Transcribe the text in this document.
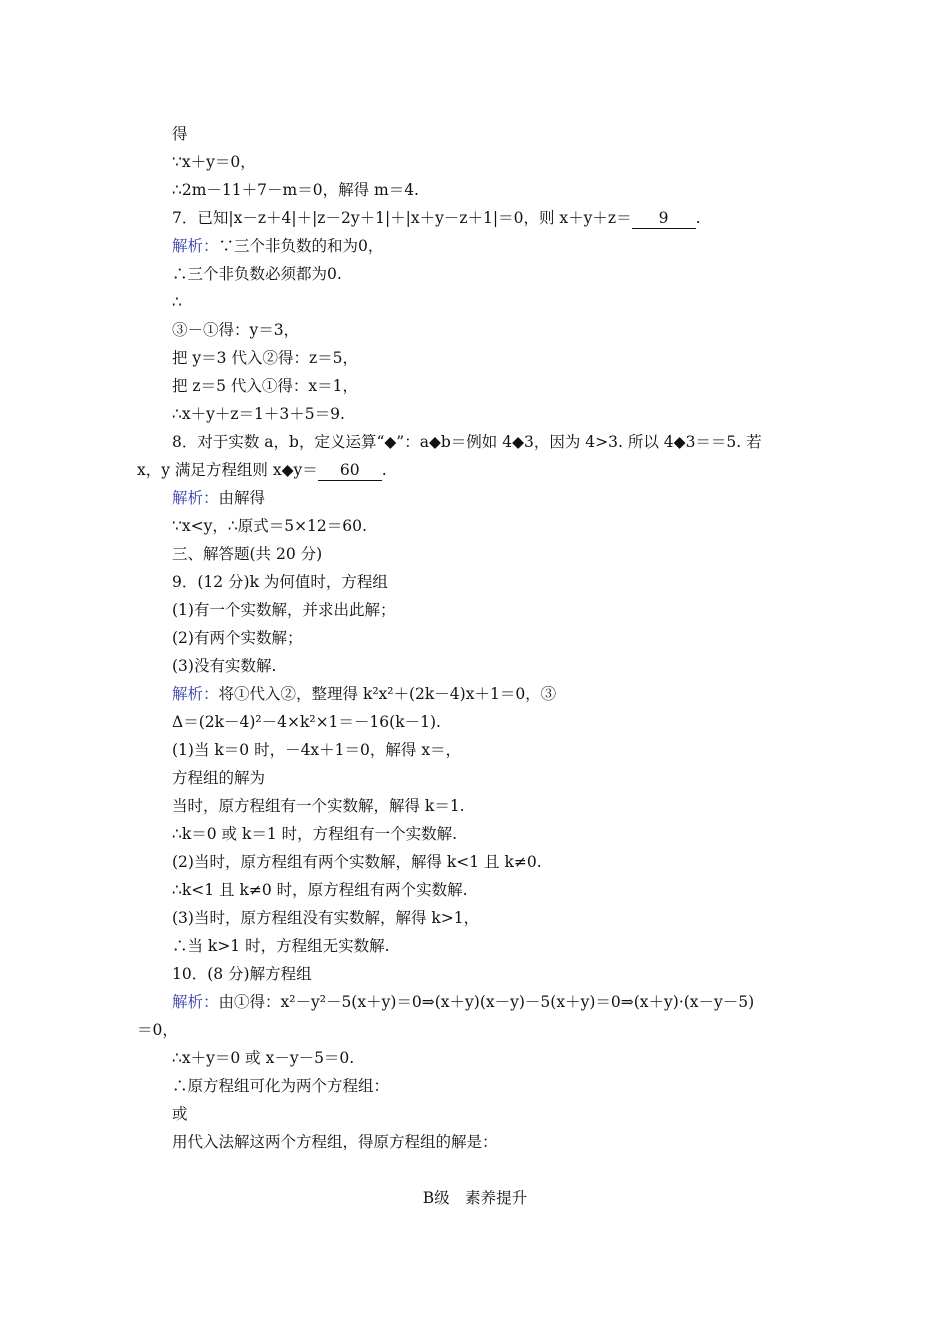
得
∵x＋y＝0，
∴2m－11＋7－m＝0，解得 m＝4.
7．已知|x－z＋4|＋|z－2y＋1|＋|x＋y－z＋1|＝0，则 x＋y＋z＝ 9 .
解析：∵三个非负数的和为0，
∴三个非负数必须都为0.
∴
③－①得：y＝3，
把 y＝3 代入②得：z＝5，
把 z＝5 代入①得：x＝1，
∴x＋y＋z＝1＋3＋5＝9.
8．对于实数 a，b，定义运算“◆”：a◆b＝例如 4◆3，因为 4>3. 所以 4◆3＝＝5. 若
x，y 满足方程组则 x◆y＝ 60 .
解析：由解得
∵x<y，∴原式＝5×12＝60.
三、解答题(共 20 分)
9．(12 分)k 为何值时，方程组
(1)有一个实数解，并求出此解；
(2)有两个实数解；
(3)没有实数解.
解析：将①代入②，整理得 k²x²＋(2k－4)x＋1＝0，③
Δ＝(2k－4)²－4×k²×1＝－16(k－1).
(1)当 k＝0 时，－4x＋1＝0，解得 x＝，
方程组的解为
当时，原方程组有一个实数解，解得 k＝1.
∴k＝0 或 k＝1 时，方程组有一个实数解.
(2)当时，原方程组有两个实数解，解得 k<1 且 k≠0.
∴k<1 且 k≠0 时，原方程组有两个实数解.
(3)当时，原方程组没有实数解，解得 k>1，
∴当 k>1 时，方程组无实数解.
10．(8 分)解方程组
解析：由①得：x²－y²－5(x＋y)＝0⇒(x＋y)(x－y)－5(x＋y)＝0⇒(x＋y)·(x－y－5)
＝0，
∴x＋y＝0 或 x－y－5＝0.
∴原方程组可化为两个方程组：
或
用代入法解这两个方程组，得原方程组的解是：
B级　素养提升
